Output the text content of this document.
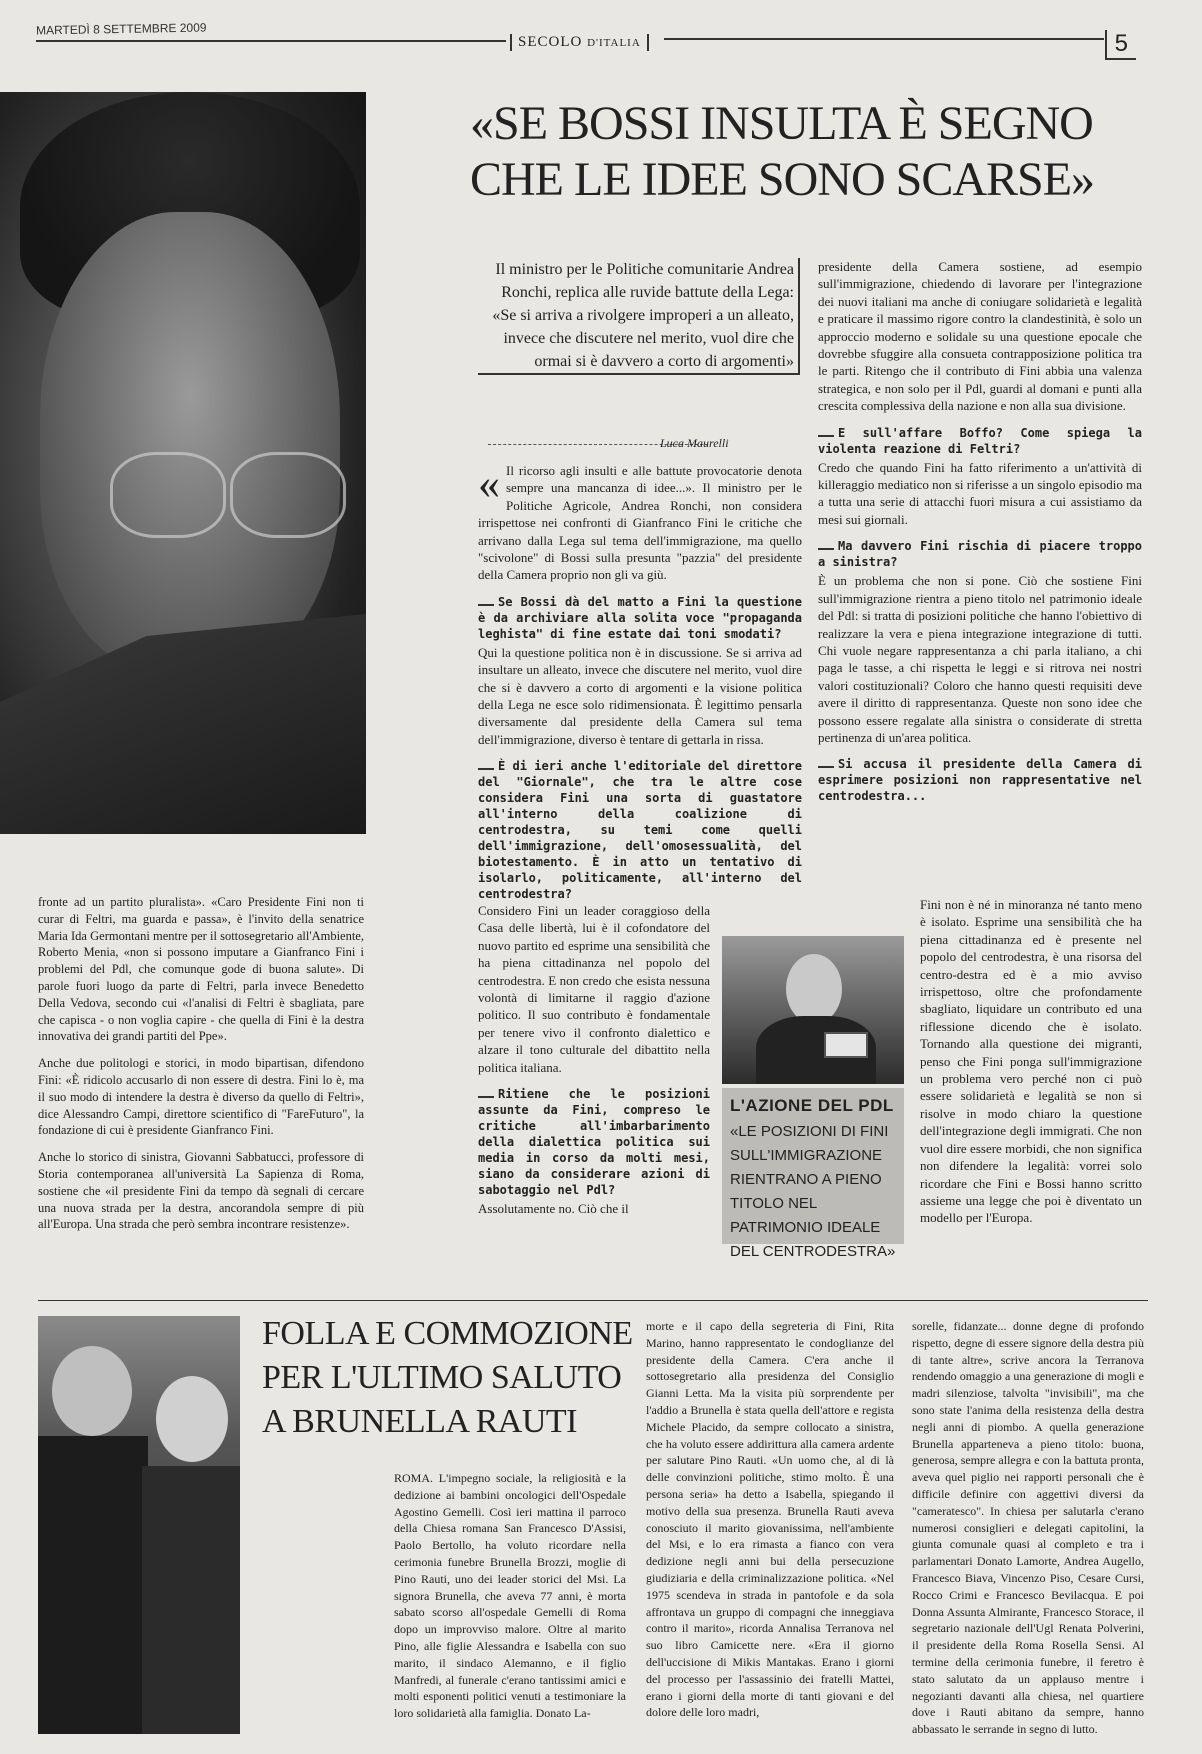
MARTEDÌ 8 SETTEMBRE 2009
SECOLO D'ITALIA	5
«SE BOSSI INSULTA È SEGNO
CHE LE IDEE SONO SCARSE»
Il ministro per le Politiche comunitarie Andrea Ronchi, replica alle ruvide battute della Lega: «Se si arriva a rivolgere improperi a un alleato, invece che discutere nel merito, vuol dire che ormai si è davvero a corto di argomenti»
Luca Maurelli

« Il ricorso agli insulti e alle battute provocatorie denota sempre una mancanza di idee...». Il ministro per le Politiche Agricole, Andrea Ronchi, non considera irrispettose nei confronti di Gianfranco Fini le critiche che arrivano dalla Lega sul tema dell'immigrazione, ma quello "scivolone" di Bossi sulla presunta "pazzia" del presidente della Camera proprio non gli va giù.

Se Bossi dà del matto a Fini la questione è da archiviare alla solita voce "propaganda leghista" di fine estate dai toni smodati?

Qui la questione politica non è in discussione. Se si arriva ad insultare un alleato, invece che discutere nel merito, vuol dire che si è davvero a corto di argomenti e la visione politica della Lega ne esce solo ridimensionata. È legittimo pensarla diversamente dal presidente della Camera sul tema dell'immigrazione, diverso è tentare di gettarla in rissa.

È di ieri anche l'editoriale del direttore del "Giornale", che tra le altre cose considera Fini una sorta di guastatore all'interno della coalizione di centrodestra, su temi come quelli dell'immigrazione, dell'omosessualità, del biotestamento. È in atto un tentativo di isolarlo, politicamente, all'interno del centrodestra?

Considero Fini un leader coraggioso della Casa delle libertà, lui è il cofondatore del nuovo partito ed esprime una sensibilità che ha piena cittadinanza nel popolo del centrodestra. E non credo che esista nessuna volontà di limitarne il raggio d'azione politico. Il suo contributo è fondamentale per tenere vivo il confronto dialettico e alzare il tono culturale del dibattito nella politica italiana.

Ritiene che le posizioni assunte da Fini, compreso le critiche all'imbarbarimento della dialettica politica sui media in corso da molti mesi, siano da considerare azioni di sabotaggio nel Pdl?

Assolutamente no. Ciò che il

L'AZIONE DEL PDL
«LE POSIZIONI DI FINI SULL'IMMIGRAZIONE RIENTRANO A PIENO TITOLO NEL PATRIMONIO IDEALE DEL CENTRODESTRA»

presidente della Camera sostiene, ad esempio sull'immigrazione, chiedendo di lavorare per l'integrazione dei nuovi italiani ma anche di coniugare solidarietà e legalità e praticare il massimo rigore contro la clandestinità, è solo un approccio moderno e solidale su una questione epocale che dovrebbe sfuggire alla consueta contrapposizione politica tra le parti. Ritengo che il contributo di Fini abbia una valenza strategica, e non solo per il Pdl, guardi al domani e punti alla crescita complessiva della nazione e non alla sua divisione.

E sull'affare Boffo? Come spiega la violenta reazione di Feltri?

Credo che quando Fini ha fatto riferimento a un'attività di killeraggio mediatico non si riferisse a un singolo episodio ma a tutta una serie di attacchi fuori misura a cui assistiamo da mesi sui giornali.

Ma davvero Fini rischia di piacere troppo a sinistra?

È un problema che non si pone. Ciò che sostiene Fini sull'immigrazione rientra a pieno titolo nel patrimonio ideale del Pdl: si tratta di posizioni politiche che hanno l'obiettivo di realizzare la vera e piena integrazione integrazione di tutti. Chi vuole negare rappresentanza a chi parla italiano, a chi paga le tasse, a chi rispetta le leggi e si ritrova nei nostri valori costituzionali? Coloro che hanno questi requisiti deve avere il diritto di rappresentanza. Queste non sono idee che possono essere regalate alla sinistra o considerate di stretta pertinenza di un'area politica.

Si accusa il presidente della Camera di esprimere posizioni non rappresentative nel centrodestra...

Fini non è né in minoranza né tanto meno è isolato. Esprime una sensibilità che ha piena cittadinanza ed è presente nel popolo del centrodestra, è una risorsa del centro-destra ed è a mio avviso irrispettoso, oltre che profondamente sbagliato, liquidare un contributo ed una riflessione dicendo che è isolato. Tornando alla questione dei migranti, penso che Fini ponga sull'immigrazione un problema vero perché non ci può essere solidarietà e legalità se non si risolve in modo chiaro la questione dell'integrazione degli immigrati. Che non vuol dire essere morbidi, che non significa non difendere la legalità: vorrei solo ricordare che Fini e Bossi hanno scritto assieme una legge che poi è diventato un modello per l'Europa.

fronte ad un partito pluralista». «Caro Presidente Fini non ti curar di Feltri, ma guarda e passa», è l'invito della senatrice Maria Ida Germontani mentre per il sottosegretario all'Ambiente, Roberto Menia, «non si possono imputare a Gianfranco Fini i problemi del Pdl, che comunque gode di buona salute». Di parole fuori luogo da parte di Feltri, parla invece Benedetto Della Vedova, secondo cui «l'analisi di Feltri è sbagliata, pare che capisca - o non voglia capire - che quella di Fini è la destra innovativa dei grandi partiti del Ppe».

Anche due politologi e storici, in modo bipartisan, difendono Fini: «È ridicolo accusarlo di non essere di destra. Fini lo è, ma il suo modo di intendere la destra è diverso da quello di Feltri», dice Alessandro Campi, direttore scientifico di "FareFuturo", la fondazione di cui è presidente Gianfranco Fini.

Anche lo storico di sinistra, Giovanni Sabbatucci, professore di Storia contemporanea all'università La Sapienza di Roma, sostiene che «il presidente Fini da tempo dà segnali di cercare una nuova strada per la destra, ancorandola sempre di più all'Europa. Una strada che però sembra incontrare resistenze».

FOLLA E COMMOZIONE
PER L'ULTIMO SALUTO
A BRUNELLA RAUTI
ROMA. L'impegno sociale, la religiosità e la dedizione ai bambini oncologici dell'Ospedale Agostino Gemelli. Così ieri mattina il parroco della Chiesa romana San Francesco D'Assisi, Paolo Bertollo, ha voluto ricordare nella cerimonia funebre Brunella Brozzi, moglie di Pino Rauti, uno dei leader storici del Msi. La signora Brunella, che aveva 77 anni, è morta sabato scorso all'ospedale Gemelli di Roma dopo un improvviso malore. Oltre al marito Pino, alle figlie Alessandra e Isabella con suo marito, il sindaco Alemanno, e il figlio Manfredi, al funerale c'erano tantissimi amici e molti esponenti politici venuti a testimoniare la loro solidarietà alla famiglia. Donato La-
morte e il capo della segreteria di Fini, Rita Marino, hanno rappresentato le condoglianze del presidente della Camera. C'era anche il sottosegretario alla presidenza del Consiglio Gianni Letta. Ma la visita più sorprendente per l'addio a Brunella è stata quella dell'attore e regista Michele Placido, da sempre collocato a sinistra, che ha voluto essere addirittura alla camera ardente per salutare Pino Rauti. «Un uomo che, al di là delle convinzioni politiche, stimo molto. È una persona seria» ha detto a Isabella, spiegando il motivo della sua presenza. Brunella Rauti aveva conosciuto il marito giovanissima, nell'ambiente del Msi, e lo era rimasta a fianco con vera dedizione negli anni bui della persecuzione giudiziaria e della criminalizzazione politica. «Nel 1975 scendeva in strada in pantofole e da sola affrontava un gruppo di compagni che inneggiava contro il marito», ricorda Annalisa Terranova nel suo libro Camicette nere. «Era il giorno dell'uccisione di Mikis Mantakas. Erano i giorni del processo per l'assassinio dei fratelli Mattei, erano i giorni della morte di tanti giovani e del dolore delle loro madri,
sorelle, fidanzate... donne degne di profondo rispetto, degne di essere signore della destra più di tante altre», scrive ancora la Terranova rendendo omaggio a una generazione di mogli e madri silenziose, talvolta "invisibili", ma che sono state l'anima della resistenza della destra negli anni di piombo. A quella generazione Brunella apparteneva a pieno titolo: buona, generosa, sempre allegra e con la battuta pronta, aveva quel piglio nei rapporti personali che è difficile definire con aggettivi diversi da "cameratesco". In chiesa per salutarla c'erano numerosi consiglieri e delegati capitolini, la giunta comunale quasi al completo e tra i parlamentari Donato Lamorte, Andrea Augello, Francesco Biava, Vincenzo Piso, Cesare Cursi, Rocco Crimi e Francesco Bevilacqua. E poi Donna Assunta Almirante, Francesco Storace, il segretario nazionale dell'Ugl Renata Polverini, il presidente della Roma Rosella Sensi. Al termine della cerimonia funebre, il feretro è stato salutato da un applauso mentre i negozianti davanti alla chiesa, nel quartiere dove i Rauti abitano da sempre, hanno abbassato le serrande in segno di lutto.
